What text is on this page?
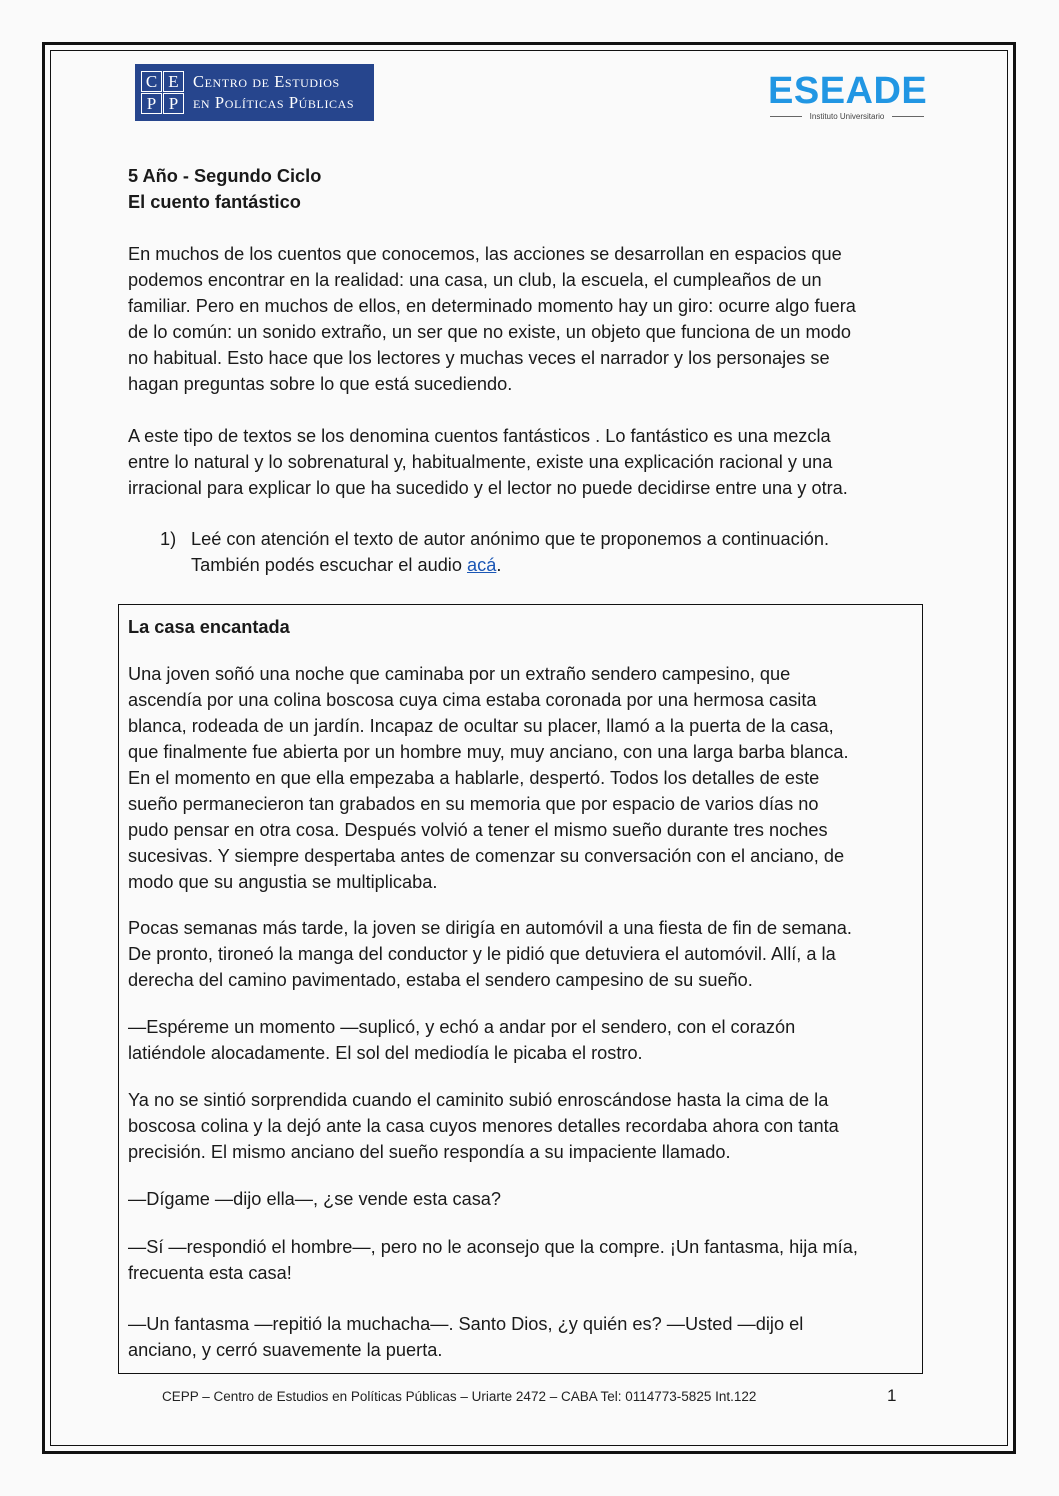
C E
P P
Centro de Estudios
en Políticas Públicas	ESEADE
Instituto Universitario
5 Año - Segundo Ciclo
El cuento fantástico
En muchos de los cuentos que conocemos, las acciones se desarrollan en espacios que
podemos encontrar en la realidad: una casa, un club, la escuela, el cumpleaños de un
familiar. Pero en muchos de ellos, en determinado momento hay un giro: ocurre algo fuera
de lo común: un sonido extraño, un ser que no existe, un objeto que funciona de un modo
no habitual. Esto hace que los lectores y muchas veces el narrador y los personajes se
hagan preguntas sobre lo que está sucediendo.
A este tipo de textos se los denomina cuentos fantásticos . Lo fantástico es una mezcla
entre lo natural y lo sobrenatural y, habitualmente, existe una explicación racional y una
irracional para explicar lo que ha sucedido y el lector no puede decidirse entre una y otra.
1) Leé con atención el texto de autor anónimo que te proponemos a continuación.
También podés escuchar el audio acá.
La casa encantada
Una joven soñó una noche que caminaba por un extraño sendero campesino, que
ascendía por una colina boscosa cuya cima estaba coronada por una hermosa casita
blanca, rodeada de un jardín. Incapaz de ocultar su placer, llamó a la puerta de la casa,
que finalmente fue abierta por un hombre muy, muy anciano, con una larga barba blanca.
En el momento en que ella empezaba a hablarle, despertó. Todos los detalles de este
sueño permanecieron tan grabados en su memoria que por espacio de varios días no
pudo pensar en otra cosa. Después volvió a tener el mismo sueño durante tres noches
sucesivas. Y siempre despertaba antes de comenzar su conversación con el anciano, de
modo que su angustia se multiplicaba.
Pocas semanas más tarde, la joven se dirigía en automóvil a una fiesta de fin de semana.
De pronto, tironeó la manga del conductor y le pidió que detuviera el automóvil. Allí, a la
derecha del camino pavimentado, estaba el sendero campesino de su sueño.
—Espéreme un momento —suplicó, y echó a andar por el sendero, con el corazón
latiéndole alocadamente. El sol del mediodía le picaba el rostro.
Ya no se sintió sorprendida cuando el caminito subió enroscándose hasta la cima de la
boscosa colina y la dejó ante la casa cuyos menores detalles recordaba ahora con tanta
precisión. El mismo anciano del sueño respondía a su impaciente llamado.
—Dígame —dijo ella—, ¿se vende esta casa?
—Sí —respondió el hombre—, pero no le aconsejo que la compre. ¡Un fantasma, hija mía,
frecuenta esta casa!
—Un fantasma —repitió la muchacha—. Santo Dios, ¿y quién es? —Usted —dijo el
anciano, y cerró suavemente la puerta.
CEPP – Centro de Estudios en Políticas Públicas – Uriarte 2472 – CABA Tel: 0114773-5825 Int.122	1
